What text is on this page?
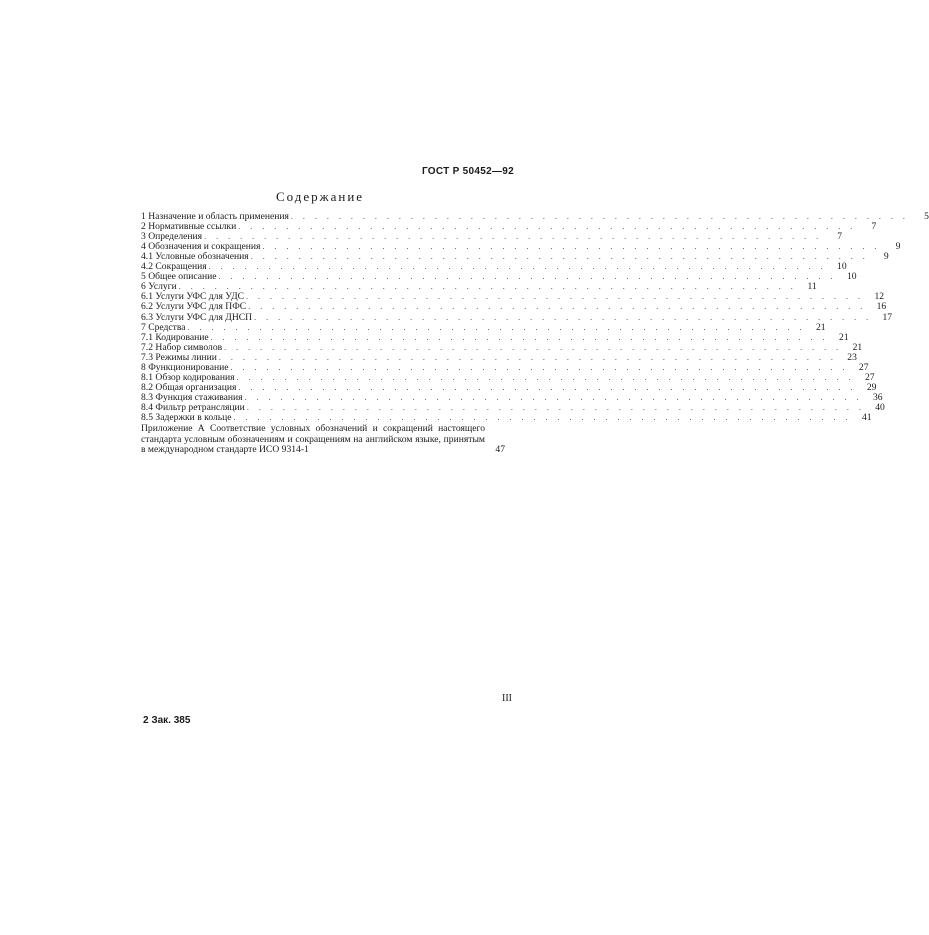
ГОСТ Р 50452—92
Содержание
1 Назначение и область применения . . . . . . . . . . . . . . . . . . . . . . . . . . . . . . . . . . . . . . . . . . . . . . . . . . . .	5
2 Нормативные ссылки . . . . . . . . . . . . . . . . . . . . . . . . . . . . . . . . . . . . . . . . . . . . . . . . . . . .	7
3 Определения . . . . . . . . . . . . . . . . . . . . . . . . . . . . . . . . . . . . . . . . . . . . . . . . . . . .	7
4 Обозначения и сокращения . . . . . . . . . . . . . . . . . . . . . . . . . . . . . . . . . . . . . . . . . . . . . . . . . . . .	9
4.1 Условные обозначения . . . . . . . . . . . . . . . . . . . . . . . . . . . . . . . . . . . . . . . . . . . . . . . . . . . .	9
4.2 Сокращения . . . . . . . . . . . . . . . . . . . . . . . . . . . . . . . . . . . . . . . . . . . . . . . . . . . .	10
5 Общее описание . . . . . . . . . . . . . . . . . . . . . . . . . . . . . . . . . . . . . . . . . . . . . . . . . . . .	10
6 Услуги . . . . . . . . . . . . . . . . . . . . . . . . . . . . . . . . . . . . . . . . . . . . . . . . . . . .	11
6.1 Услуги УФС для УДС . . . . . . . . . . . . . . . . . . . . . . . . . . . . . . . . . . . . . . . . . . . . . . . . . . . .	12
6.2 Услуги УФС для ПФС . . . . . . . . . . . . . . . . . . . . . . . . . . . . . . . . . . . . . . . . . . . . . . . . . . . .	16
6.3 Услуги УФС для ДНСП . . . . . . . . . . . . . . . . . . . . . . . . . . . . . . . . . . . . . . . . . . . . . . . . . . . .	17
7 Средства . . . . . . . . . . . . . . . . . . . . . . . . . . . . . . . . . . . . . . . . . . . . . . . . . . . .	21
7.1 Кодирование . . . . . . . . . . . . . . . . . . . . . . . . . . . . . . . . . . . . . . . . . . . . . . . . . . . .	21
7.2 Набор символов . . . . . . . . . . . . . . . . . . . . . . . . . . . . . . . . . . . . . . . . . . . . . . . . . . . .	21
7.3 Режимы линии . . . . . . . . . . . . . . . . . . . . . . . . . . . . . . . . . . . . . . . . . . . . . . . . . . . .	23
8 Функционирование . . . . . . . . . . . . . . . . . . . . . . . . . . . . . . . . . . . . . . . . . . . . . . . . . . . .	27
8.1 Обзор кодирования . . . . . . . . . . . . . . . . . . . . . . . . . . . . . . . . . . . . . . . . . . . . . . . . . . . .	27
8.2 Общая организация . . . . . . . . . . . . . . . . . . . . . . . . . . . . . . . . . . . . . . . . . . . . . . . . . . . .	29
8.3 Функция стаживания . . . . . . . . . . . . . . . . . . . . . . . . . . . . . . . . . . . . . . . . . . . . . . . . . . . .	36
8.4 Фильтр ретрансляции . . . . . . . . . . . . . . . . . . . . . . . . . . . . . . . . . . . . . . . . . . . . . . . . . . . .	40
8.5 Задержки в кольце . . . . . . . . . . . . . . . . . . . . . . . . . . . . . . . . . . . . . . . . . . . . . . . . . . . .	41
Приложение А Соответствие условных обозначений и сокращений настоящего стандарта условным обозначениям и сокращениям на английском языке, принятым в международном стандарте ИСО 9314-1	47
III
2 Зак. 385
